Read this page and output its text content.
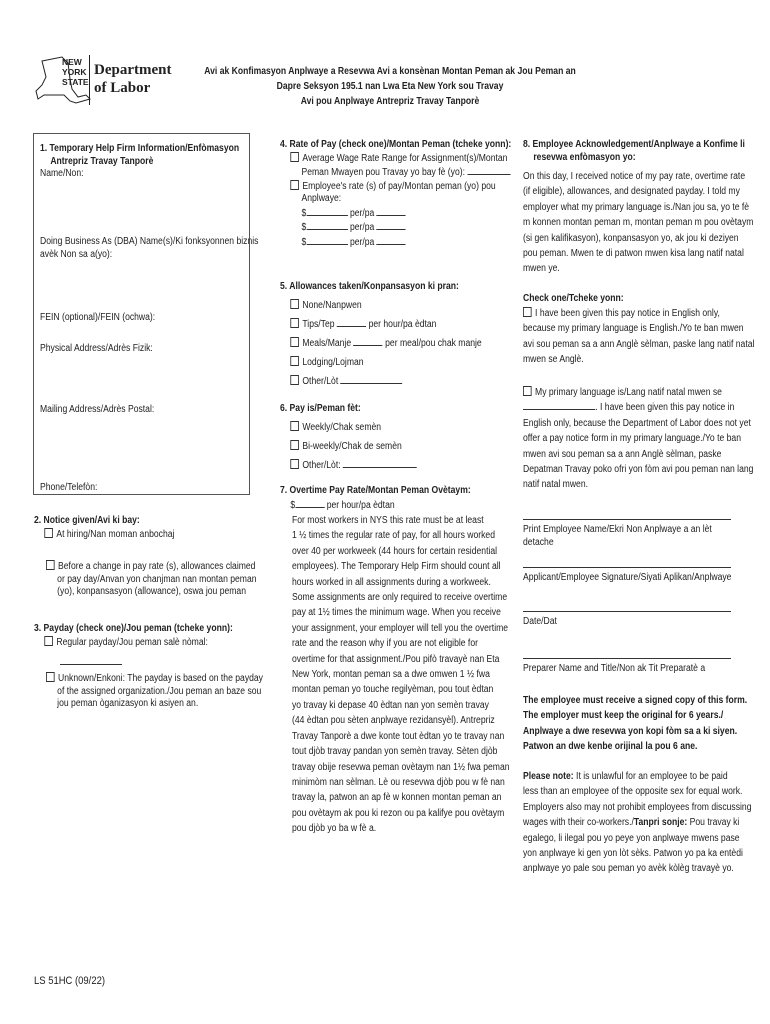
NEW
YORK
STATE
Department
of Labor
Avi ak Konfimasyon Anplwaye a Resevwa Avi a konsènan Montan Peman ak Jou Peman an
Dapre Seksyon 195.1 nan Lwa Eta New York sou Travay
Avi pou Anplwaye Antrepriz Travay Tanporè
1. Temporary Help Firm Information/Enfòmasyon
Antrepriz Travay Tanporè
Name/Non:
Doing Business As (DBA) Name(s)/Ki fonksyonnen biznis avèk Non sa a(yo):
FEIN (optional)/FEIN (ochwa):
Physical Address/Adrès Fizik:
Mailing Address/Adrès Postal:
Phone/Telefòn:
2. Notice given/Avi ki bay:
At hiring/Nan moman anbochaj
Before a change in pay rate (s), allowances claimed
or pay day/Anvan yon chanjman nan montan peman
(yo), konpansasyon (allowance), oswa jou peman
3. Payday (check one)/Jou peman (tcheke yonn):
Regular payday/Jou peman salè nòmal:
Unknown/Enkoni: The payday is based on the payday
of the assigned organization./Jou peman an baze sou
jou peman òganizasyon ki asiyen an.
LS 51HC (09/22)
4. Rate of Pay (check one)/Montan Peman (tcheke yonn):
Average Wage Rate Range for Assignment(s)/Montan
Peman Mwayen pou Travay yo bay fè (yo):
Employee's rate (s) of pay/Montan peman (yo) pou
Anplwaye:
$	per/pa
$	per/pa
$	per/pa
5. Allowances taken/Konpansasyon ki pran:
None/Nanpwen
Tips/Tep	per hour/pa èdtan
Meals/Manje	per meal/pou chak manje
Lodging/Lojman
Other/Lòt
6. Pay is/Peman fèt:
Weekly/Chak semèn
Bi-weekly/Chak de semèn
Other/Lòt:
7. Overtime Pay Rate/Montan Peman Ovètaym:
$	per hour/pa èdtan
For most workers in NYS this rate must be at least
1 ½ times the regular rate of pay, for all hours worked
over 40 per workweek (44 hours for certain residential
employees). The Temporary Help Firm should count all
hours worked in all assignments during a workweek.
Some assignments are only required to receive overtime
pay at 1½ times the minimum wage. When you receive
your assignment, your employer will tell you the overtime
rate and the reason why if you are not eligible for
overtime for that assignment./Pou pifò travayè nan Eta
New York, montan peman sa a dwe omwen 1 ½ fwa
montan peman yo touche regilyèman, pou tout èdtan
yo travay ki depase 40 èdtan nan yon semèn travay
(44 èdtan pou sèten anplwaye rezidansyèl). Antrepriz
Travay Tanporè a dwe konte tout èdtan yo te travay nan
tout djòb travay pandan yon semèn travay. Sèten djòb
travay obije resevwa peman ovètaym nan 1½ fwa peman
minimòm nan sèlman. Lè ou resevwa djòb pou w fè nan
travay la, patwon an ap fè w konnen montan peman an
pou ovètaym ak pou ki rezon ou pa kalifye pou ovètaym
pou djòb yo ba w fè a.
8. Employee Acknowledgement/Anplwaye a Konfime li
resevwa enfòmasyon yo:
On this day, I received notice of my pay rate, overtime rate
(if eligible), allowances, and designated payday. I told my
employer what my primary language is./Nan jou sa, yo te fè
m konnen montan peman m, montan peman m pou ovètaym
(si gen kalifikasyon), konpansasyon yo, ak jou ki deziyen
pou peman. Mwen te di patwon mwen kisa lang natif natal
mwen ye.
Check one/Tcheke yonn:
I have been given this pay notice in English only,
because my primary language is English./Yo te ban mwen
avi sou peman sa a ann Anglè sèlman, paske lang natif natal
mwen se Anglè.
My primary language is/Lang natif natal mwen se
. I have been given this pay notice in
English only, because the Department of Labor does not yet
offer a pay notice form in my primary language./Yo te ban
mwen avi sou peman sa a ann Anglè sèlman, paske
Depatman Travay poko ofri yon fòm avi pou peman nan lang
natif natal mwen.
Print Employee Name/Ekri Non Anplwaye a an lèt detache
Applicant/Employee Signature/Siyati Aplikan/Anplwaye
Date/Dat
Preparer Name and Title/Non ak Tit Preparatè a
The employee must receive a signed copy of this form.
The employer must keep the original for 6 years./
Anplwaye a dwe resevwa yon kopi fòm sa a ki siyen.
Patwon an dwe kenbe orijinal la pou 6 ane.
Please note: It is unlawful for an employee to be paid
less than an employee of the opposite sex for equal work.
Employers also may not prohibit employees from discussing
wages with their co-workers./Tanpri sonje: Pou travay ki
egalego, li ilegal pou yo peye yon anplwaye mwens pase
yon anplwaye ki gen yon lòt sèks. Patwon yo pa ka entèdi
anplwaye yo pale sou peman yo avèk kòlèg travayè yo.
